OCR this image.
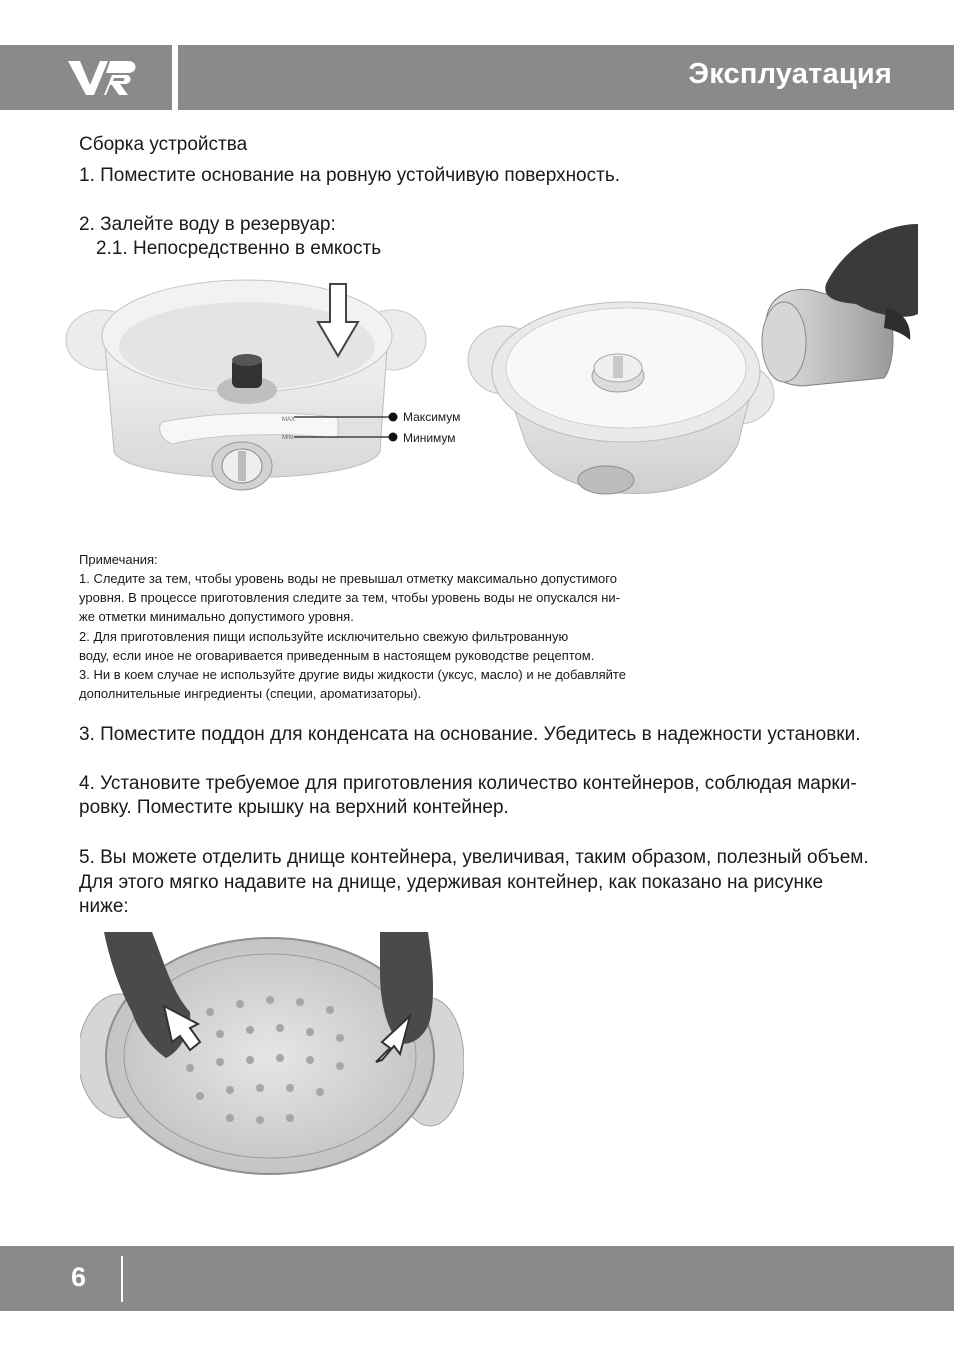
Эксплуатация
Сборка устройства
1. Поместите основание на ровную устойчивую поверхность.
2. Залейте воду в резервуар:
2.1. Непосредственно в емкость
MAX
MIN
Максимум
Минимум
Примечания:
1. Следите за тем, чтобы уровень воды не превышал отметку максимально допустимого
уровня. В процессе приготовления следите за тем, чтобы уровень воды не опускался ни-
же отметки минимально допустимого уровня.
2. Для приготовления пищи используйте исключительно свежую фильтрованную
воду, если иное не оговаривается приведенным в настоящем руководстве рецептом.
3. Ни в коем случае не используйте другие виды жидкости (уксус, масло) и не добавляйте
дополнительные ингредиенты (специи, ароматизаторы).
3. Поместите поддон для конденсата на основание. Убедитесь в надежности установки.
4. Установите требуемое для приготовления количество контейнеров, соблюдая марки-
ровку. Поместите крышку на верхний контейнер.
5. Вы можете отделить днище контейнера, увеличивая, таким образом, полезный объем.
Для этого мягко надавите на днище, удерживая контейнер, как показано на рисунке
ниже:
6
